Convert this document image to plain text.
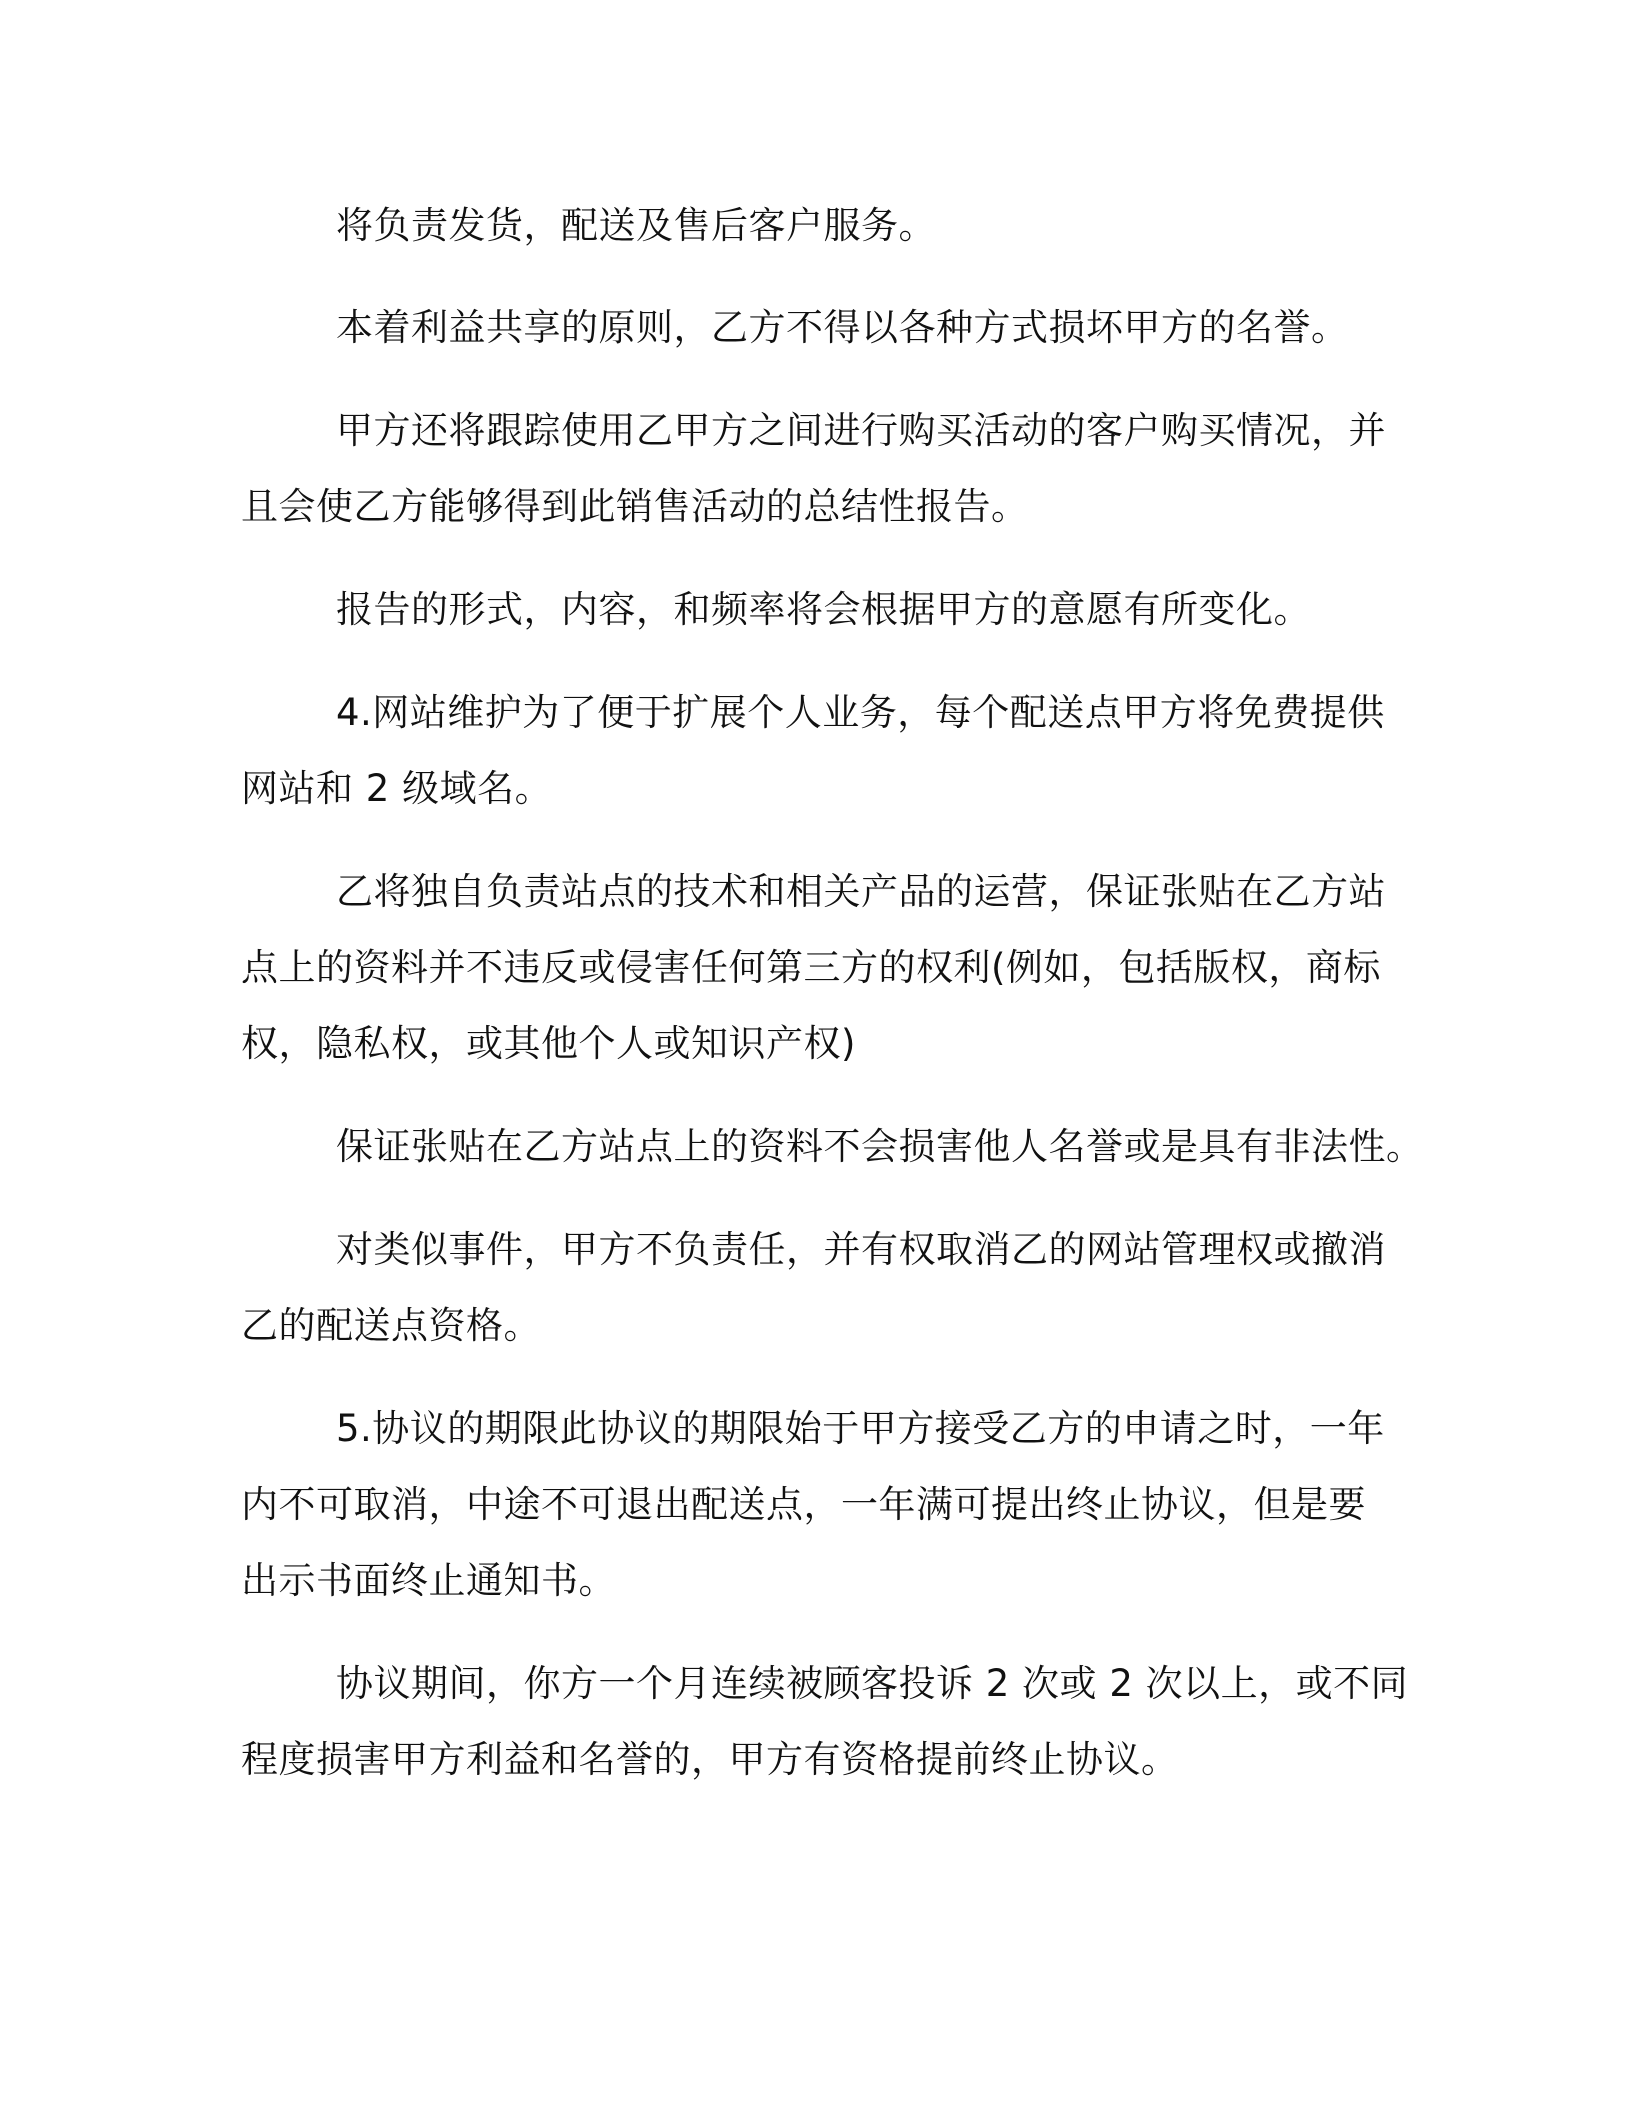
将负责发货，配送及售后客户服务。

本着利益共享的原则，乙方不得以各种方式损坏甲方的名誉。

甲方还将跟踪使用乙甲方之间进行购买活动的客户购买情况，并
且会使乙方能够得到此销售活动的总结性报告。

报告的形式，内容，和频率将会根据甲方的意愿有所变化。

4.网站维护为了便于扩展个人业务，每个配送点甲方将免费提供
网站和 2 级域名。

乙将独自负责站点的技术和相关产品的运营，保证张贴在乙方站
点上的资料并不违反或侵害任何第三方的权利(例如，包括版权，商标
权，隐私权，或其他个人或知识产权)

保证张贴在乙方站点上的资料不会损害他人名誉或是具有非法性。

对类似事件，甲方不负责任，并有权取消乙的网站管理权或撤消
乙的配送点资格。

5.协议的期限此协议的期限始于甲方接受乙方的申请之时，一年
内不可取消，中途不可退出配送点，一年满可提出终止协议，但是要
出示书面终止通知书。

协议期间，你方一个月连续被顾客投诉 2 次或 2 次以上，或不同
程度损害甲方利益和名誉的，甲方有资格提前终止协议。
